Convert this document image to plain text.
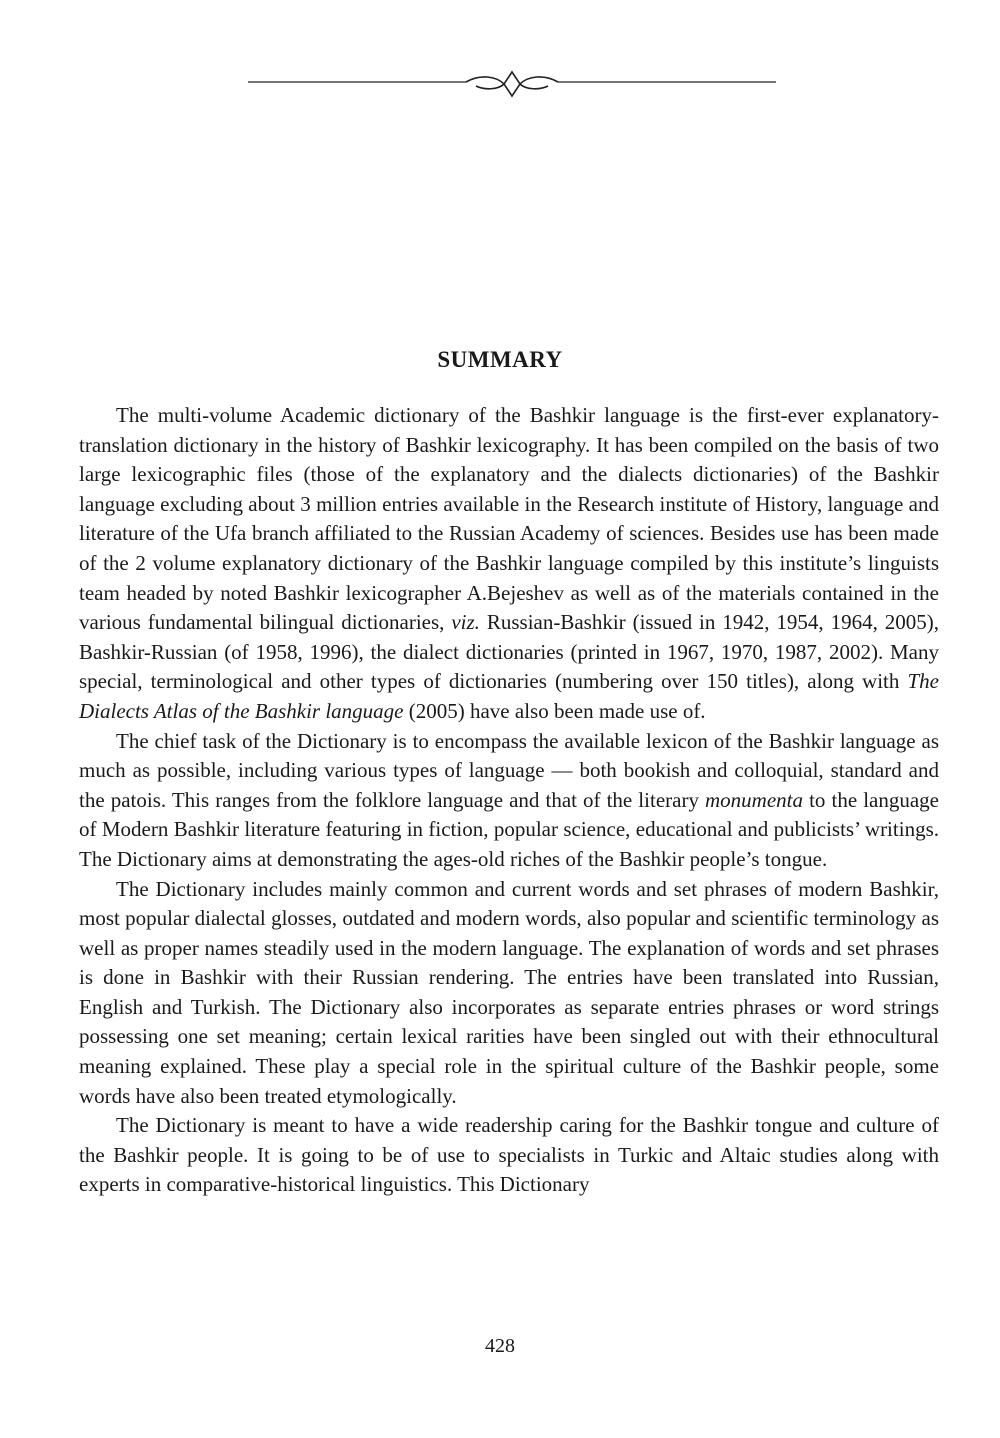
SUMMARY

The multi-volume Academic dictionary of the Bashkir language is the first-ever explanatory-translation dictionary in the history of Bashkir lexicography. It has been compiled on the basis of two large lexicographic files (those of the explanatory and the dialects dictionaries) of the Bashkir language excluding about 3 million entries available in the Research institute of History, language and literature of the Ufa branch affiliated to the Russian Academy of sciences. Besides use has been made of the 2 volume explanatory dictionary of the Bashkir language compiled by this institute’s linguists team headed by noted Bashkir lexicographer A.Bejeshev as well as of the materials contained in the various fundamental bilingual dictionaries, viz. Russian-Bashkir (issued in 1942, 1954, 1964, 2005), Bashkir-Russian (of 1958, 1996), the dialect dictionaries (printed in 1967, 1970, 1987, 2002). Many special, terminological and other types of dictionaries (numbering over 150 titles), along with The Dialects Atlas of the Bashkir language (2005) have also been made use of.

The chief task of the Dictionary is to encompass the available lexicon of the Bashkir language as much as possible, including various types of language — both bookish and colloquial, standard and the patois. This ranges from the folklore language and that of the literary monumenta to the language of Modern Bashkir literature featuring in fiction, popular science, educational and publicists’ writings. The Dictionary aims at demonstrating the ages-old riches of the Bashkir people’s tongue.

The Dictionary includes mainly common and current words and set phrases of modern Bashkir, most popular dialectal glosses, outdated and modern words, also popular and scientific terminology as well as proper names steadily used in the modern language. The explanation of words and set phrases is done in Bashkir with their Russian rendering. The entries have been translated into Russian, English and Turkish. The Dictionary also incorporates as separate entries phrases or word strings possessing one set meaning; certain lexical rarities have been singled out with their ethnocultural meaning explained. These play a special role in the spiritual culture of the Bashkir people, some words have also been treated etymologically.

The Dictionary is meant to have a wide readership caring for the Bashkir tongue and culture of the Bashkir people. It is going to be of use to specialists in Turkic and Altaic studies along with experts in comparative-historical linguistics. This Dictionary

428
